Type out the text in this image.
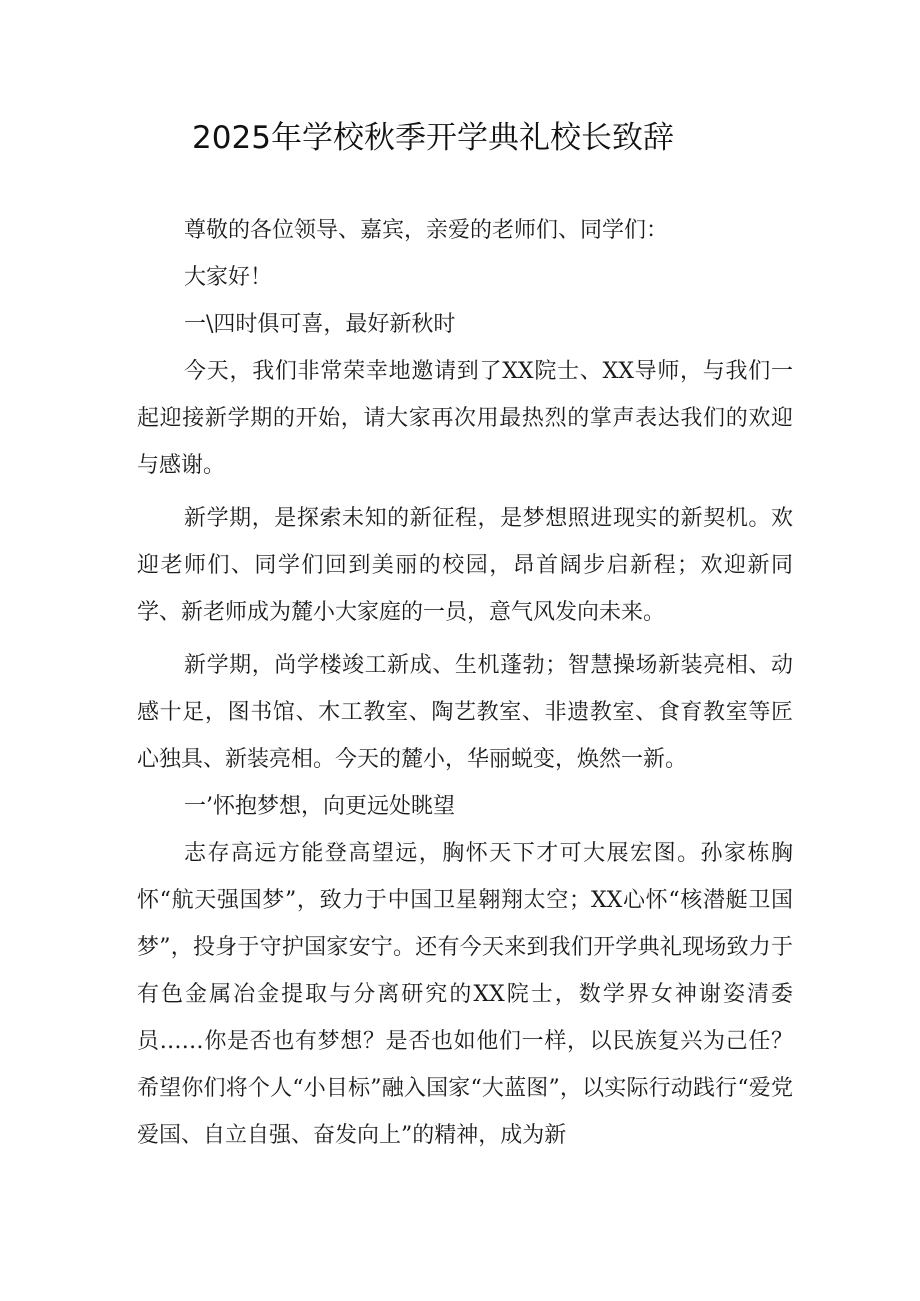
2025年学校秋季开学典礼校长致辞

尊敬的各位领导、嘉宾，亲爱的老师们、同学们：

大家好！

一\四时俱可喜，最好新秋时

今天，我们非常荣幸地邀请到了XX院士、XX导师，与我们一起迎接新学期的开始，请大家再次用最热烈的掌声表达我们的欢迎与感谢。

新学期，是探索未知的新征程，是梦想照进现实的新契机。欢迎老师们、同学们回到美丽的校园，昂首阔步启新程；欢迎新同学、新老师成为麓小大家庭的一员，意气风发向未来。

新学期，尚学楼竣工新成、生机蓬勃；智慧操场新装亮相、动感十足，图书馆、木工教室、陶艺教室、非遗教室、食育教室等匠心独具、新装亮相。今天的麓小，华丽蜕变，焕然一新。

一’怀抱梦想，向更远处眺望

志存高远方能登高望远，胸怀天下才可大展宏图。孙家栋胸怀“航天强国梦”，致力于中国卫星翱翔太空；XX心怀“核潜艇卫国梦”，投身于守护国家安宁。还有今天来到我们开学典礼现场致力于有色金属冶金提取与分离研究的XX院士，数学界女神谢姿清委员……你是否也有梦想？是否也如他们一样，以民族复兴为己任？希望你们将个人“小目标”融入国家“大蓝图”，以实际行动践行“爱党爱国、自立自强、奋发向上”的精神，成为新
